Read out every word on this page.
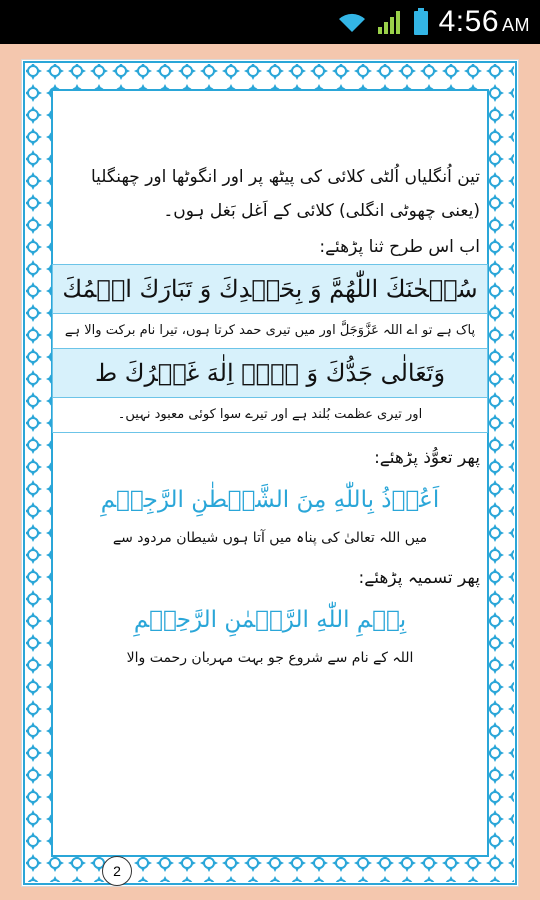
4:56 AM

تین اُنگلیاں اُلٹی کلائی کی پیٹھ پر اور انگوٹھا اور چھنگلیا (یعنی چھوٹی انگلی) کلائی کے اَغل بَغل ہوں۔

اب اس طرح ثنا پڑھئے:

سُبۡحٰنَكَ اللّٰهُمَّ وَ بِحَمۡدِكَ وَ تَبَارَكَ اسۡمُكَ
پاک ہے تو اے اللہ عَزَّوَجَلَّ اور میں تیری حمد کرتا ہوں، تیرا نام برکت والا ہے
وَتَعَالٰی جَدُّكَ وَ لَاۤ اِلٰهَ غَيۡرُكَ ط
اور تیری عظمت بُلند ہے اور تیرے سوا کوئی معبود نہیں۔

پھر تعوُّذ پڑھئے:

اَعُوۡذُ بِاللّٰهِ مِنَ الشَّيۡطٰنِ الرَّجِيۡمِ
میں اللہ تعالیٰ کی پناہ میں آتا ہوں شیطان مردود سے

پھر تسمیہ پڑھئے:

بِسۡمِ اللّٰهِ الرَّحۡمٰنِ الرَّحِيۡمِ
اللہ کے نام سے شروع جو بہت مہربان رحمت والا
2
